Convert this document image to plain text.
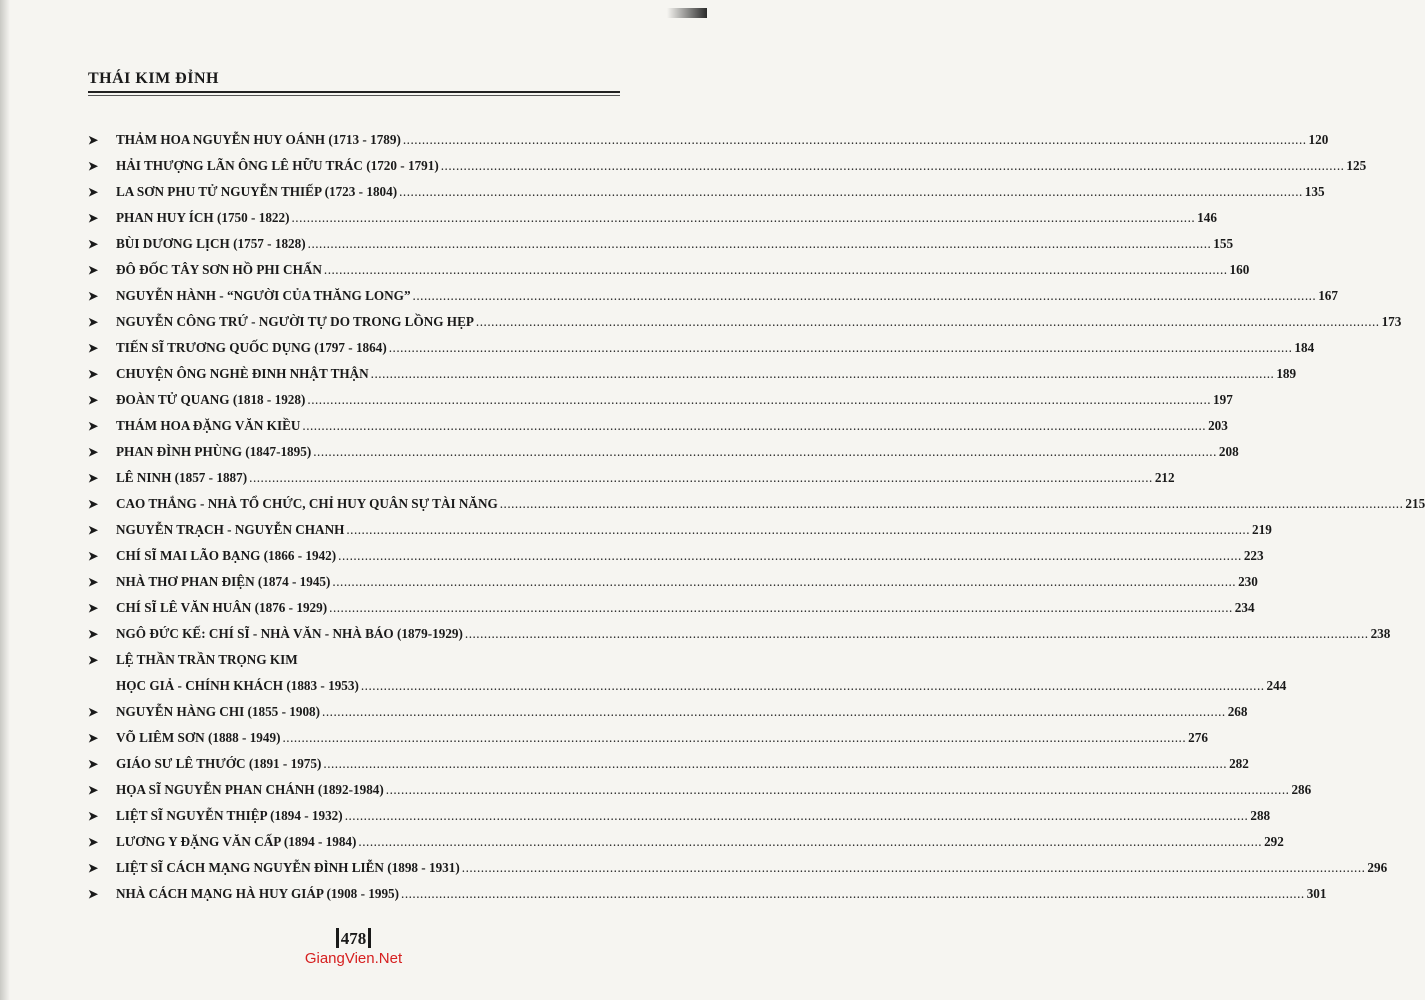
THÁI KIM ĐỈNH
➤	THẢM HOA NGUYỄN HUY OÁNH (1713 - 1789) .....	120
➤	HẢI THƯỢNG LÃN ÔNG LÊ HỮU TRÁC (1720 - 1791) .....	125
➤	LA SƠN PHU TỬ NGUYỄN THIẾP (1723 - 1804) .....	135
➤	PHAN HUY ÍCH (1750 - 1822) .....	146
➤	BÙI DƯƠNG LỊCH (1757 - 1828) .....	155
➤	ĐÔ ĐỐC TÂY SƠN HỒ PHI CHẤN .....	160
➤	NGUYỄN HÀNH - “NGƯỜI CỦA THĂNG LONG” .....	167
➤	NGUYỄN CÔNG TRỨ - NGƯỜI TỰ DO TRONG LỒNG HẸP .....	173
➤	TIẾN SĨ TRƯƠNG QUỐC DỤNG (1797 - 1864) .....	184
➤	CHUYỆN ÔNG NGHÈ ĐINH NHẬT THẬN .....	189
➤	ĐOÀN TỬ QUANG (1818 - 1928) .....	197
➤	THÁM HOA ĐẶNG VĂN KIỀU .....	203
➤	PHAN ĐÌNH PHÙNG (1847-1895) .....	208
➤	LÊ NINH (1857 - 1887) .....	212
➤	CAO THẮNG - NHÀ TỔ CHỨC, CHỈ HUY QUÂN SỰ TÀI NĂNG .....	215
➤	NGUYỄN TRẠCH - NGUYỄN CHANH .....	219
➤	CHÍ SĨ MAI LÃO BẠNG (1866 - 1942) .....	223
➤	NHÀ THƠ PHAN ĐIỆN (1874 - 1945) .....	230
➤	CHÍ SĨ LÊ VĂN HUÂN (1876 - 1929) .....	234
➤	NGÔ ĐỨC KẾ: CHÍ SĨ - NHÀ VĂN - NHÀ BÁO (1879-1929) .....	238
➤	LỆ THẦN TRẦN TRỌNG KIM
HỌC GIẢ - CHÍNH KHÁCH (1883 - 1953) .....	244
➤	NGUYỄN HÀNG CHI (1855 - 1908) .....	268
➤	VÕ LIÊM SƠN (1888 - 1949) .....	276
➤	GIÁO SƯ LÊ THƯỚC (1891 - 1975) .....	282
➤	HỌA SĨ NGUYỄN PHAN CHÁNH (1892-1984) .....	286
➤	LIỆT SĨ NGUYỄN THIỆP (1894 - 1932) .....	288
➤	LƯƠNG Y ĐẶNG VĂN CẤP (1894 - 1984) .....	292
➤	LIỆT SĨ CÁCH MẠNG NGUYỄN ĐÌNH LIỄN (1898 - 1931) .....	296
➤	NHÀ CÁCH MẠNG HÀ HUY GIÁP (1908 - 1995) .....	301
478
GiangVien.Net
